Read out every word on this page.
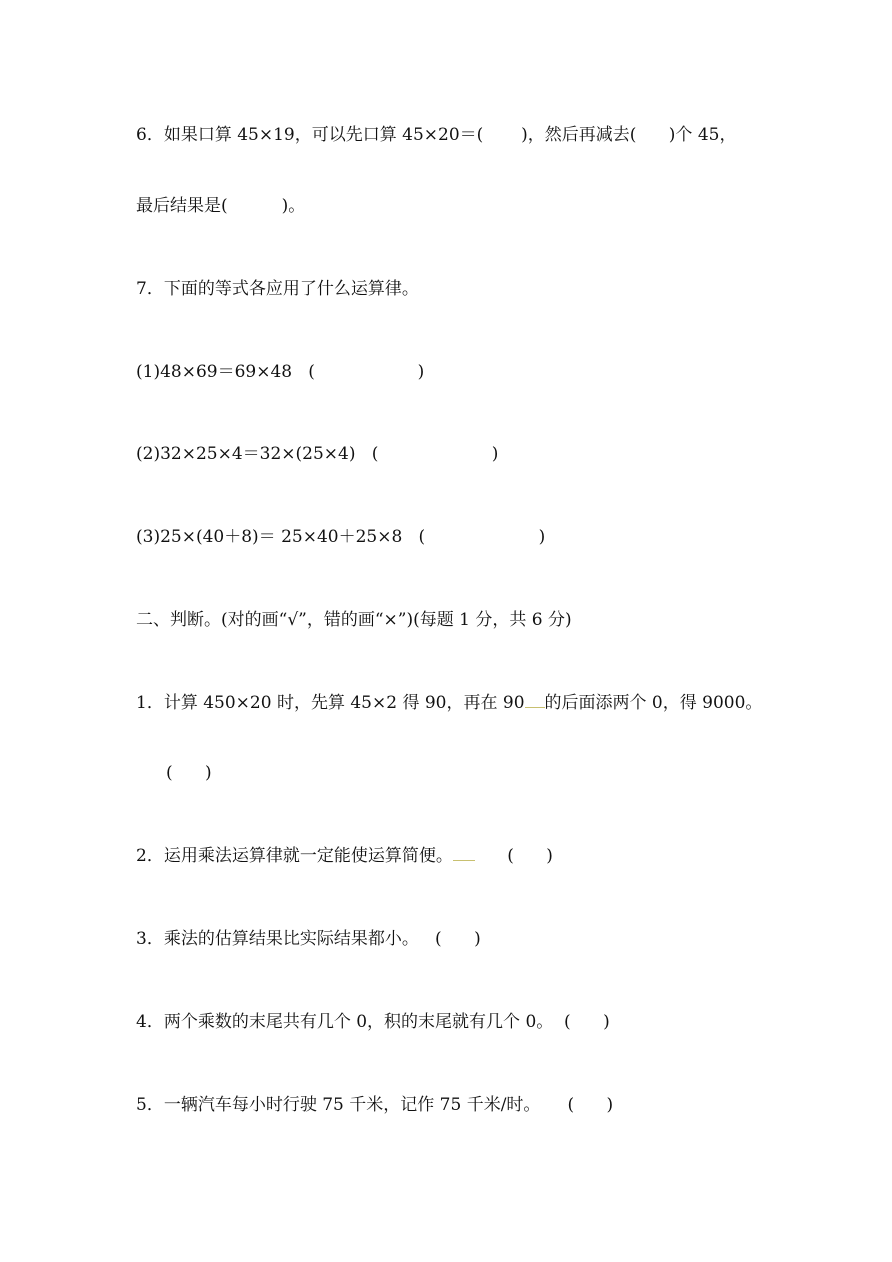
6．如果口算 45×19，可以先口算 45×20＝(       )，然后再减去(      )个 45，

最后结果是(          )。

7．下面的等式各应用了什么运算律。

(1)48×69＝69×48   (                   )

(2)32×25×4＝32×(25×4)   (                     )

(3)25×(40＋8)＝ 25×40＋25×8   (                     )

二、判断。(对的画“√”，错的画“×”)(每题 1 分，共 6 分)

1．计算 450×20 时，先算 45×2 得 90，再在 90 的后面添两个 0，得 9000。

(      )

2．运用乘法运算律就一定能使运算简便。      (      )

3．乘法的估算结果比实际结果都小。   (      )

4．两个乘数的末尾共有几个 0，积的末尾就有几个 0。  (      )

5．一辆汽车每小时行驶 75 千米，记作 75 千米/时。     (      )
